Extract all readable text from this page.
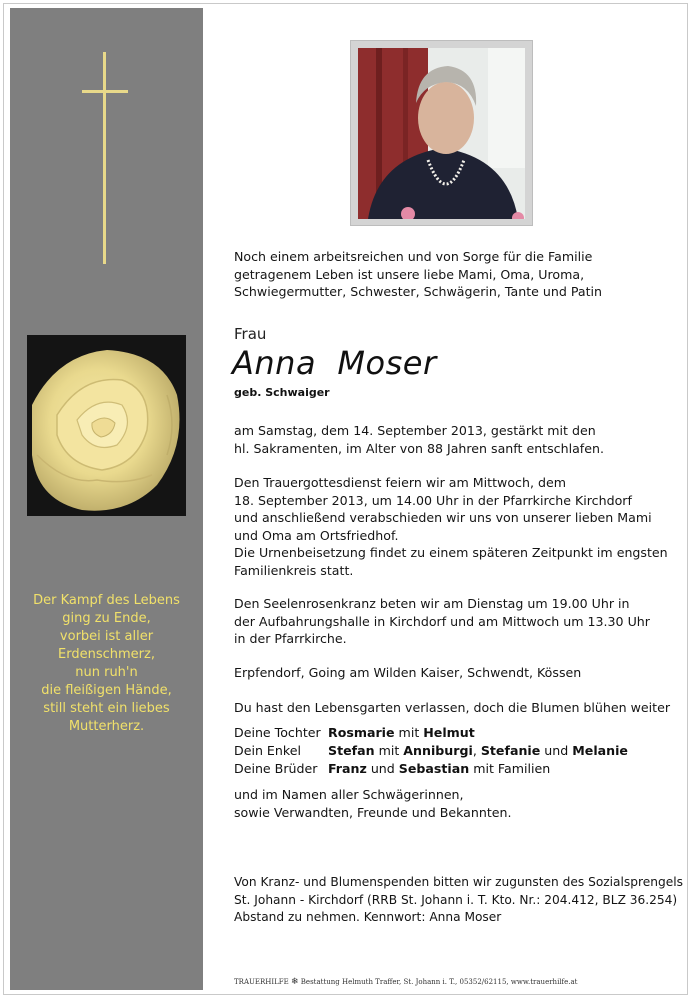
Der Kampf des Lebens
ging zu Ende,
vorbei ist aller
Erdenschmerz,
nun ruh'n
die fleißigen Hände,
still steht ein liebes
Mutterherz.
Noch einem arbeitsreichen und von Sorge für die Familie
getragenem Leben ist unsere liebe Mami, Oma, Uroma,
Schwiegermutter, Schwester, Schwägerin, Tante und Patin
Frau
Anna  Moser
geb. Schwaiger
am Samstag, dem 14. September 2013, gestärkt mit den
hl. Sakramenten, im Alter von 88 Jahren sanft entschlafen.
Den Trauergottesdienst feiern wir am Mittwoch, dem
18. September 2013, um 14.00 Uhr in der Pfarrkirche Kirchdorf
und anschließend verabschieden wir uns von unserer lieben Mami
und Oma am Ortsfriedhof.
Die Urnenbeisetzung findet zu einem späteren Zeitpunkt im engsten
Familienkreis statt.
Den Seelenrosenkranz beten wir am Dienstag um 19.00 Uhr in
der Aufbahrungshalle in Kirchdorf und am Mittwoch um 13.30 Uhr
in der Pfarrkirche.
Erpfendorf, Going am Wilden Kaiser, Schwendt, Kössen
Du hast den Lebensgarten verlassen, doch die Blumen blühen weiter
Deine Tochter Rosmarie mit Helmut
Dein Enkel Stefan mit Anniburgi, Stefanie und Melanie
Deine Brüder Franz und Sebastian mit Familien
und im Namen aller Schwägerinnen,
sowie Verwandten, Freunde und Bekannten.
Von Kranz- und Blumenspenden bitten wir zugunsten des Sozialsprengels
St. Johann - Kirchdorf (RRB St. Johann i. T. Kto. Nr.: 204.412, BLZ 36.254)
Abstand zu nehmen. Kennwort: Anna Moser
TRAUERHILFE ❄ Bestattung Helmuth Traffer, St. Johann i. T., 05352/62115, www.trauerhilfe.at
